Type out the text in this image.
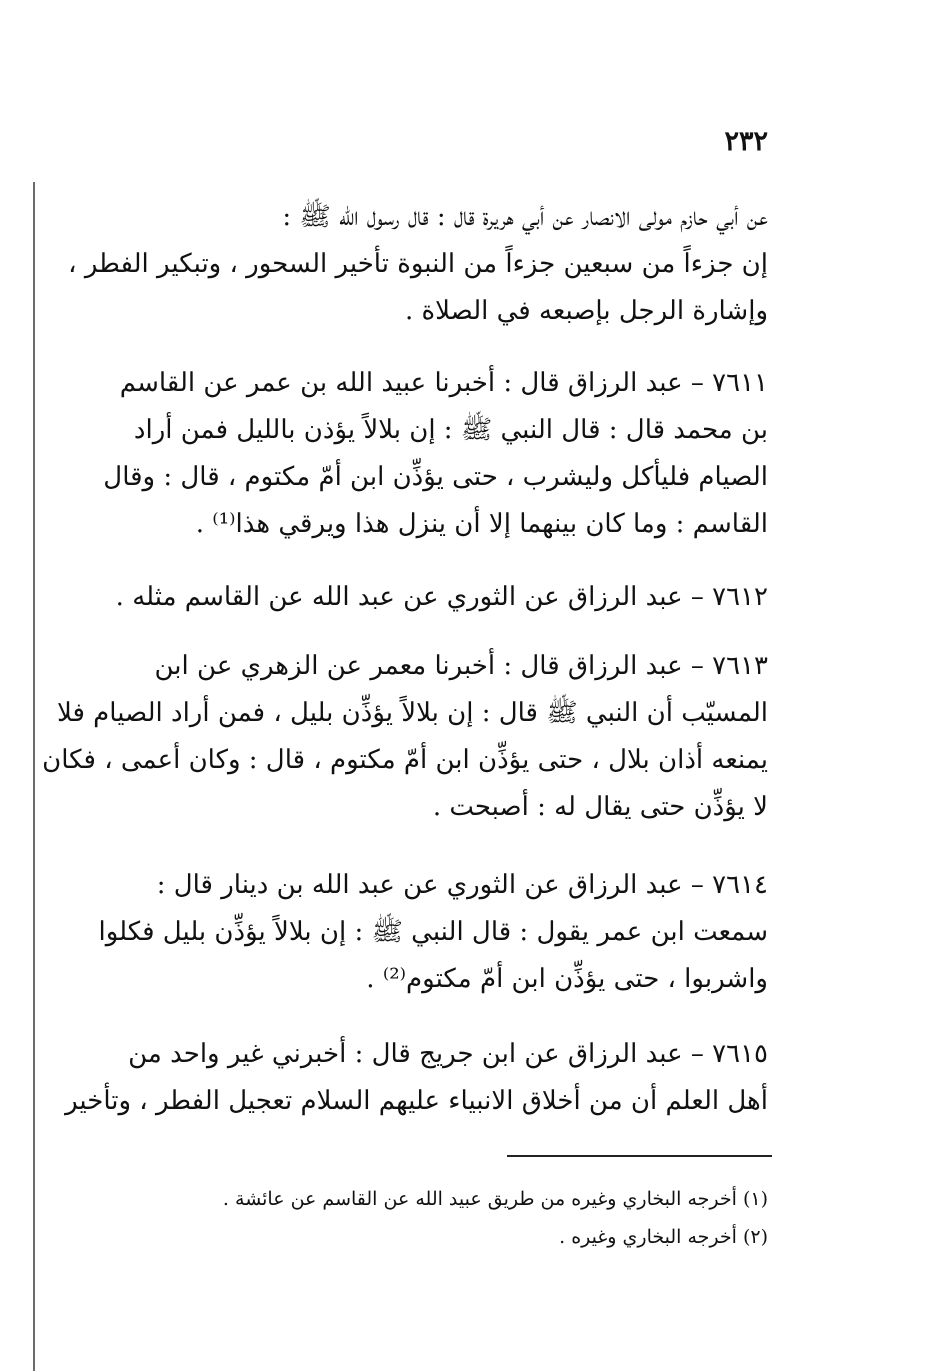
٢٣٢
عن أبي حازم مولى الانصار عن أبي هريرة قال : قال رسول الله ﷺ :
إن جزءاً من سبعين جزءاً من النبوة تأخير السحور ، وتبكير الفطر ،
وإشارة الرجل بإصبعه في الصلاة .
٧٦١١ – عبد الرزاق قال : أخبرنا عبيد الله بن عمر عن القاسم
بن محمد قال : قال النبي ﷺ : إن بلالاً يؤذن بالليل فمن أراد
الصيام فليأكل وليشرب ، حتى يؤذِّن ابن أمّ مكتوم ، قال : وقال
القاسم : وما كان بينهما إلا أن ينزل هذا ويرقي هذا⁽¹⁾ .
٧٦١٢ – عبد الرزاق عن الثوري عن عبد الله عن القاسم مثله .
٧٦١٣ – عبد الرزاق قال : أخبرنا معمر عن الزهري عن ابن
المسيّب أن النبي ﷺ قال : إن بلالاً يؤذِّن بليل ، فمن أراد الصيام فلا
يمنعه أذان بلال ، حتى يؤذِّن ابن أمّ مكتوم ، قال : وكان أعمى ، فكان
لا يؤذِّن حتى يقال له : أصبحت .
٧٦١٤ – عبد الرزاق عن الثوري عن عبد الله بن دينار قال :
سمعت ابن عمر يقول : قال النبي ﷺ : إن بلالاً يؤذِّن بليل فكلوا
واشربوا ، حتى يؤذِّن ابن أمّ مكتوم⁽²⁾ .
٧٦١٥ – عبد الرزاق عن ابن جريج قال : أخبرني غير واحد من
أهل العلم أن من أخلاق الانبياء عليهم السلام تعجيل الفطر ، وتأخير
(١) أخرجه البخاري وغيره من طريق عبيد الله عن القاسم عن عائشة .
(٢) أخرجه البخاري وغيره .
